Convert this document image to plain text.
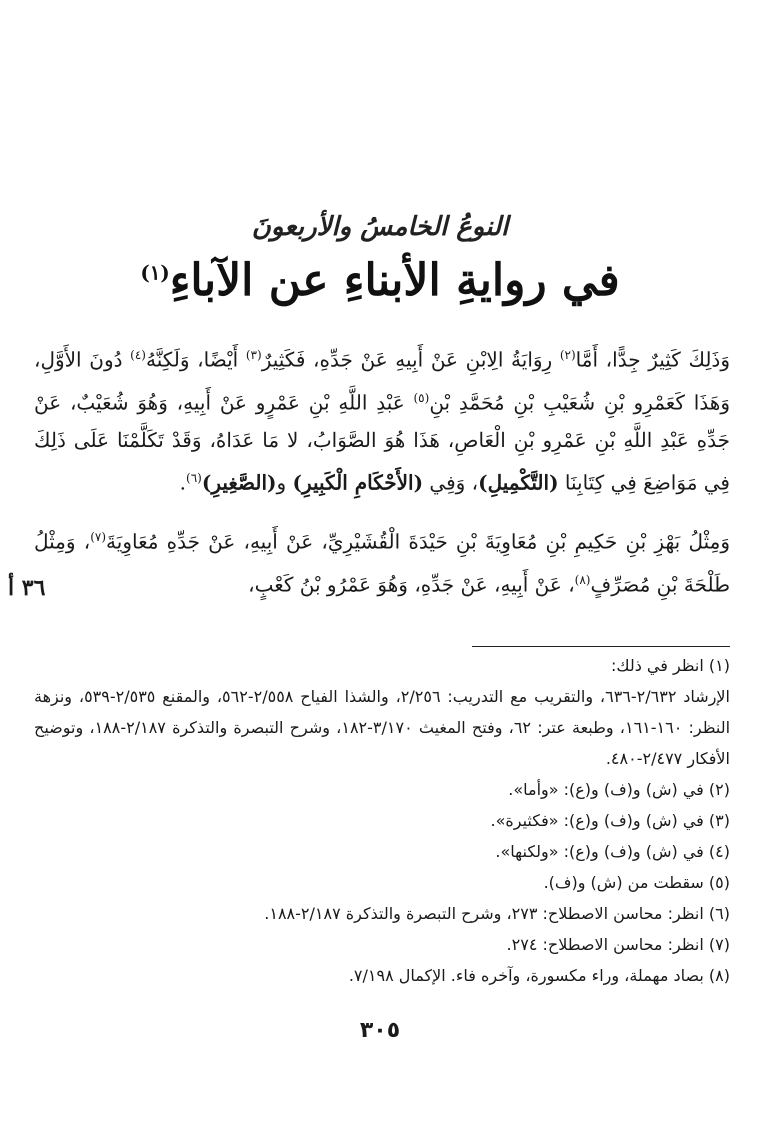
النوعُ الخامسُ والأربعونَ
في روايةِ الأبناءِ عن الآباءِ$^{(١)}$

وَذَلِكَ كَثِيرٌ جِدًّا، أَمَّا$^{(٢)}$ رِوَايَةُ الِابْنِ عَنْ أَبِيهِ عَنْ جَدِّهِ، فَكَثِيرٌ$^{(٣)}$ أَيْضًا، وَلَكِنَّهُ$^{(٤)}$ دُونَ الأَوَّلِ، وَهَذَا كَعَمْرِو بْنِ شُعَيْبِ بْنِ مُحَمَّدِ بْنِ$^{(٥)}$ عَبْدِ اللَّهِ بْنِ عَمْرٍو عَنْ أَبِيهِ، وَهُوَ شُعَيْبٌ، عَنْ جَدِّهِ عَبْدِ اللَّهِ بْنِ عَمْرِو بْنِ الْعَاصِ، هَذَا هُوَ الصَّوَابُ، لا مَا عَدَاهُ، وَقَدْ تَكَلَّمْنَا عَلَى ذَلِكَ فِي مَوَاضِعَ فِي كِتَابِنَا (التَّكْمِيلِ)، وَفِي (الأَحْكَامِ الْكَبِيرِ) و(الصَّغِيرِ)$^{(٦)}$.

وَمِثْلُ بَهْزِ بْنِ حَكِيمِ بْنِ مُعَاوِيَةَ بْنِ حَيْدَةَ الْقُشَيْرِيِّ، عَنْ أَبِيهِ، عَنْ جَدِّهِ مُعَاوِيَةَ$^{(٧)}$، وَمِثْلُ طَلْحَةَ بْنِ مُصَرِّفٍ$^{(٨)}$، عَنْ أَبِيهِ، عَنْ جَدِّهِ، وَهُوَ عَمْرُو بْنُ كَعْبٍ،

٣٦ أ

(١) انظر في ذلك:

الإرشاد ٢/٦٣٢-٦٣٦، والتقريب مع التدريب: ٢/٢٥٦، والشذا الفياح ٢/٥٥٨-٥٦٢، والمقنع ٢/٥٣٥-٥٣٩، ونزهة النظر: ١٦٠-١٦١، وطبعة عتر: ٦٢، وفتح المغيث ٣/١٧٠-١٨٢، وشرح التبصرة والتذكرة ٢/١٨٧-١٨٨، وتوضيح الأفكار ٢/٤٧٧-٤٨٠.

(٢) في (ش) و(ف) و(ع): «وأما».

(٣) في (ش) و(ف) و(ع): «فكثيرة».

(٤) في (ش) و(ف) و(ع): «ولكنها».

(٥) سقطت من (ش) و(ف).

(٦) انظر: محاسن الاصطلاح: ٢٧٣، وشرح التبصرة والتذكرة ٢/١٨٧-١٨٨.

(٧) انظر: محاسن الاصطلاح: ٢٧٤.

(٨) بصاد مهملة، وراء مكسورة، وآخره فاء. الإكمال ٧/١٩٨.

٣٠٥
